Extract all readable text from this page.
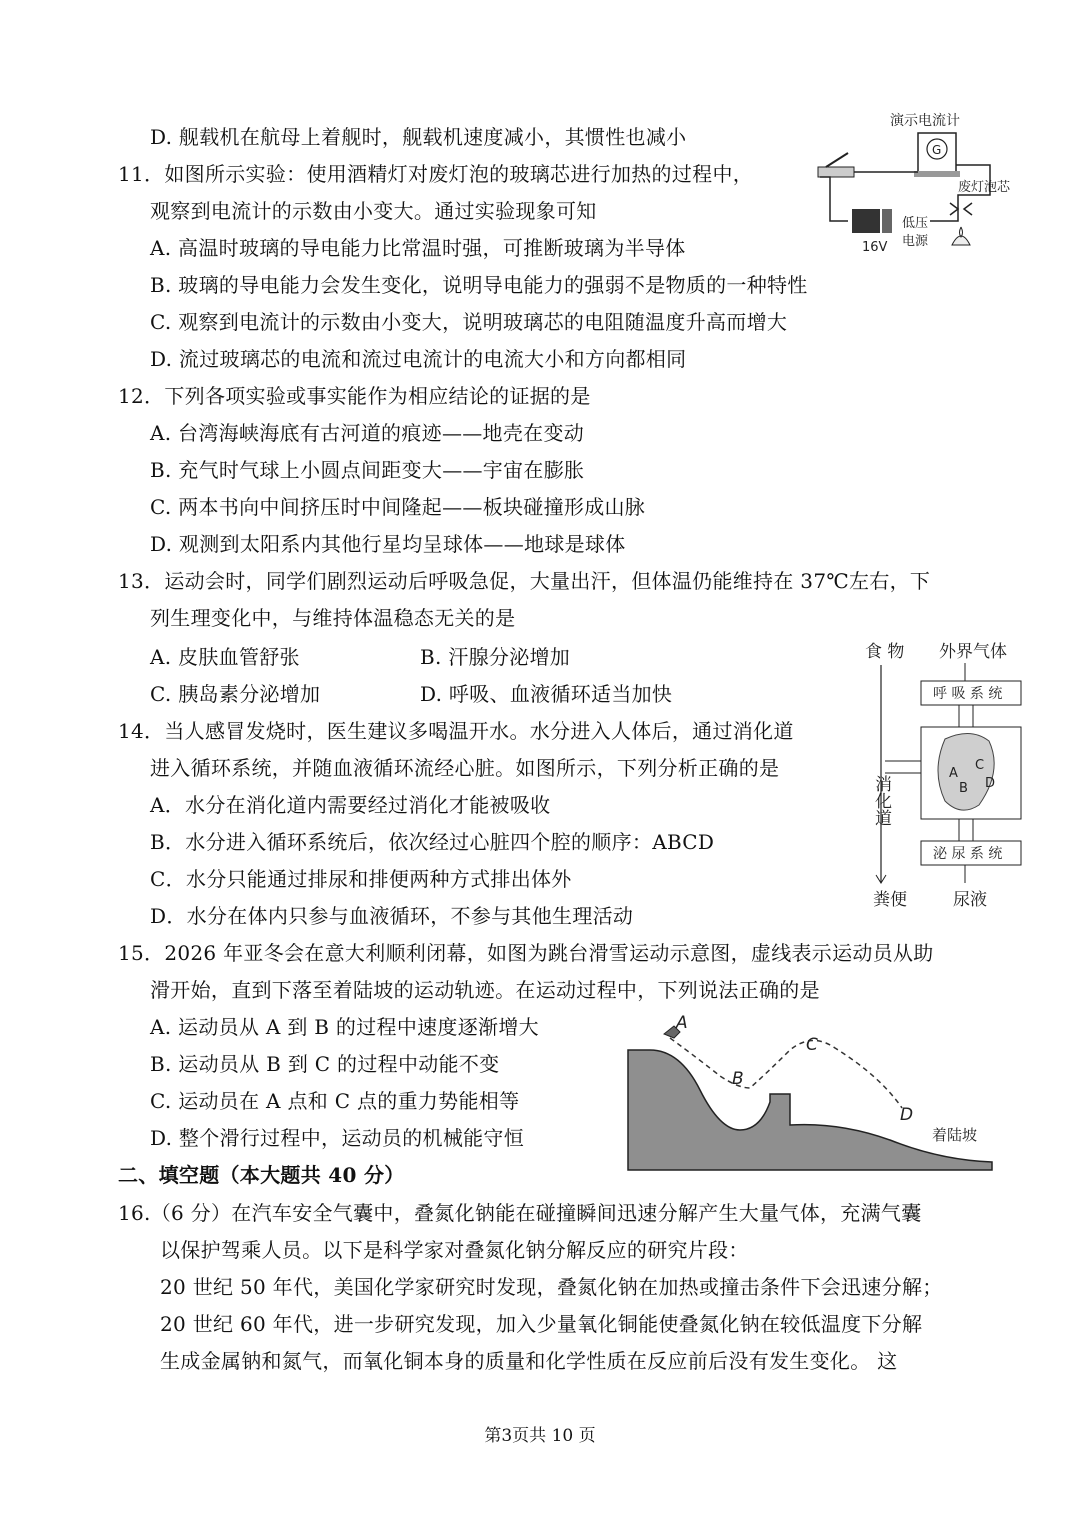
D. 舰载机在航母上着舰时，舰载机速度减小，其惯性也减小
11．如图所示实验：使用酒精灯对废灯泡的玻璃芯进行加热的过程中，
观察到电流计的示数由小变大。通过实验现象可知
A. 高温时玻璃的导电能力比常温时强，可推断玻璃为半导体
B. 玻璃的导电能力会发生变化，说明导电能力的强弱不是物质的一种特性
C. 观察到电流计的示数由小变大，说明玻璃芯的电阻随温度升高而增大
D. 流过玻璃芯的电流和流过电流计的电流大小和方向都相同
演示电流计
G
16V
低压
电源
废灯泡芯
12．下列各项实验或事实能作为相应结论的证据的是
A. 台湾海峡海底有古河道的痕迹——地壳在变动
B. 充气时气球上小圆点间距变大——宇宙在膨胀
C. 两本书向中间挤压时中间隆起——板块碰撞形成山脉
D. 观测到太阳系内其他行星均呈球体——地球是球体
13．运动会时，同学们剧烈运动后呼吸急促，大量出汗，但体温仍能维持在 37℃左右，下
列生理变化中，与维持体温稳态无关的是
A. 皮肤血管舒张	B. 汗腺分泌增加
C. 胰岛素分泌增加	D. 呼吸、血液循环适当加快
食 物 外界气体
呼 吸 系 统
消化道
A
B
C
D
泌 尿 系 统
粪便	尿液
14．当人感冒发烧时，医生建议多喝温开水。水分进入人体后，通过消化道
进入循环系统，并随血液循环流经心脏。如图所示，下列分析正确的是
A．水分在消化道内需要经过消化才能被吸收
B．水分进入循环系统后，依次经过心脏四个腔的顺序：ABCD
C．水分只能通过排尿和排便两种方式排出体外
D．水分在体内只参与血液循环，不参与其他生理活动
15．2026 年亚冬会在意大利顺利闭幕，如图为跳台滑雪运动示意图，虚线表示运动员从助
滑开始，直到下落至着陆坡的运动轨迹。在运动过程中，下列说法正确的是
A. 运动员从 A 到 B 的过程中速度逐渐增大
B. 运动员从 B 到 C 的过程中动能不变
C. 运动员在 A 点和 C 点的重力势能相等
D. 整个滑行过程中，运动员的机械能守恒
A
B
C
D
着陆坡
二、填空题（本大题共 40 分）
16.（6 分）在汽车安全气囊中，叠氮化钠能在碰撞瞬间迅速分解产生大量气体，充满气囊
以保护驾乘人员。以下是科学家对叠氮化钠分解反应的研究片段：
20 世纪 50 年代，美国化学家研究时发现，叠氮化钠在加热或撞击条件下会迅速分解；
20 世纪 60 年代，进一步研究发现，加入少量氧化铜能使叠氮化钠在较低温度下分解
生成金属钠和氮气，而氧化铜本身的质量和化学性质在反应前后没有发生变化。 这
第3页共 10 页
